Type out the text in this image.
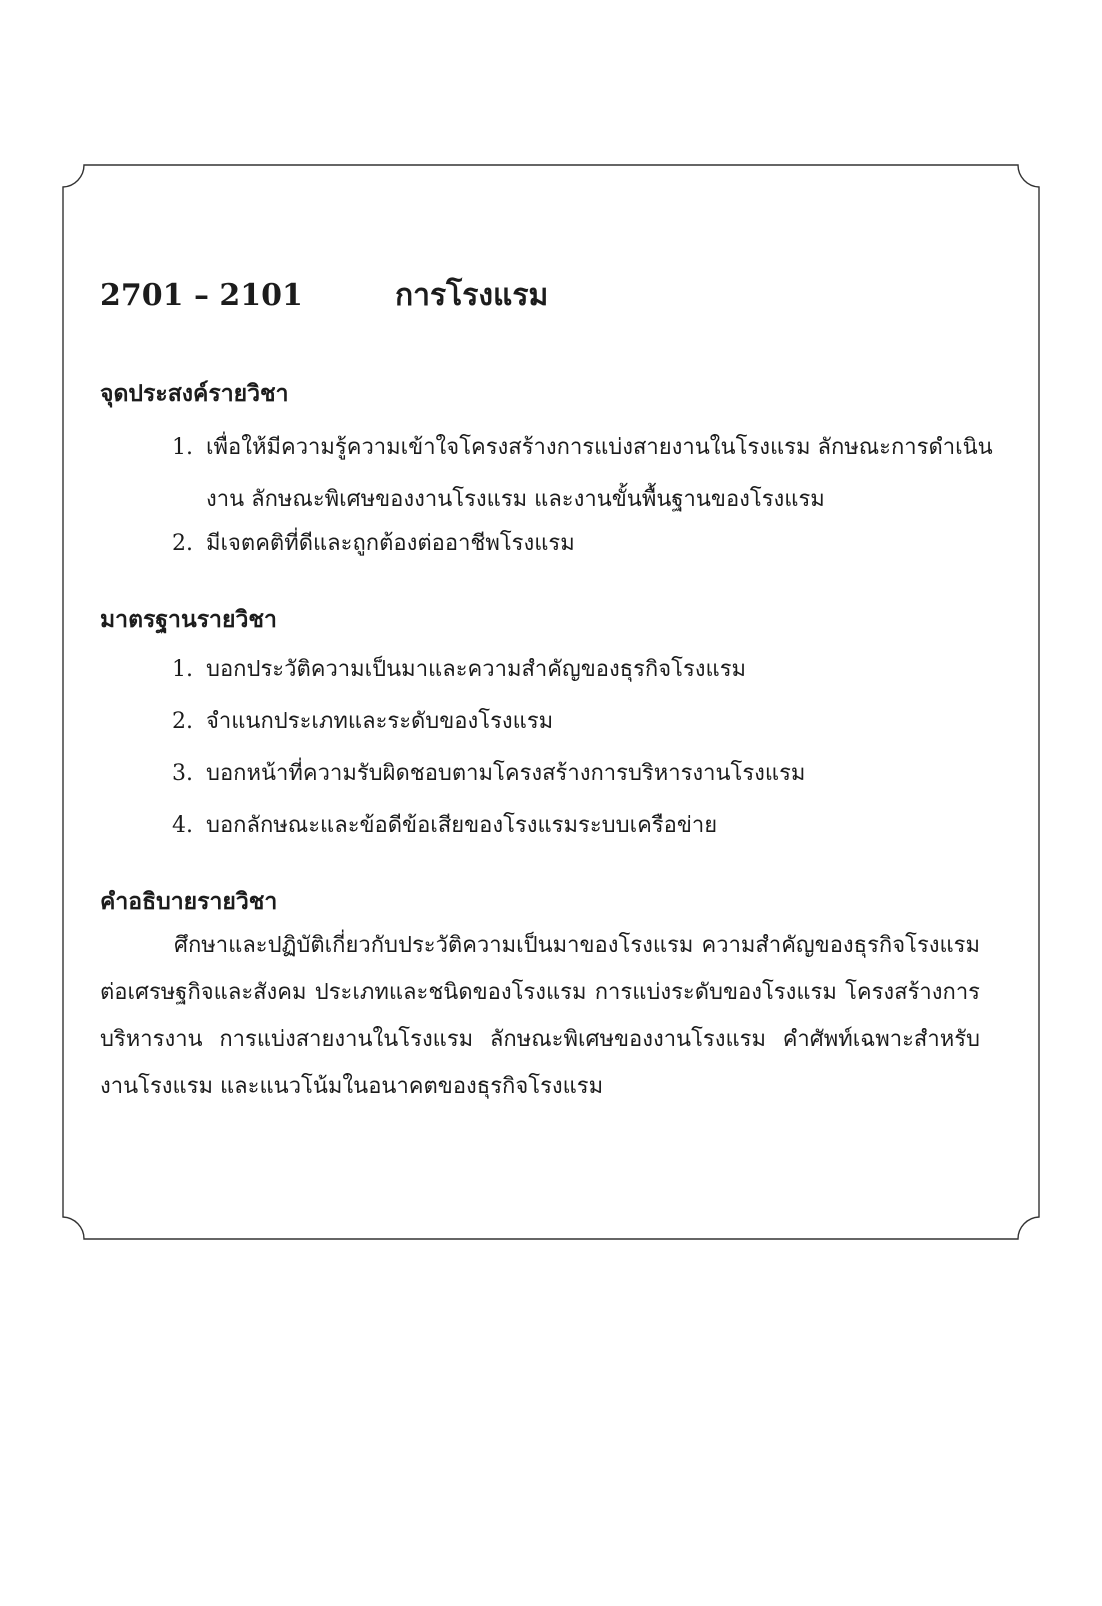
2701 – 2101	การโรงแรม
จุดประสงค์รายวิชา
1. เพื่อให้มีความรู้ความเข้าใจโครงสร้างการแบ่งสายงานในโรงแรม ลักษณะการดำเนินงาน ลักษณะพิเศษของงานโรงแรม และงานขั้นพื้นฐานของโรงแรม
2. มีเจตคติที่ดีและถูกต้องต่ออาชีพโรงแรม
มาตรฐานรายวิชา
1. บอกประวัติความเป็นมาและความสำคัญของธุรกิจโรงแรม
2. จำแนกประเภทและระดับของโรงแรม
3. บอกหน้าที่ความรับผิดชอบตามโครงสร้างการบริหารงานโรงแรม
4. บอกลักษณะและข้อดีข้อเสียของโรงแรมระบบเครือข่าย
คำอธิบายรายวิชา

ศึกษาและปฏิบัติเกี่ยวกับประวัติความเป็นมาของโรงแรม ความสำคัญของธุรกิจโรงแรมต่อเศรษฐกิจและสังคม ประเภทและชนิดของโรงแรม การแบ่งระดับของโรงแรม โครงสร้างการบริหารงาน การแบ่งสายงานในโรงแรม ลักษณะพิเศษของงานโรงแรม คำศัพท์เฉพาะสำหรับงานโรงแรม และแนวโน้มในอนาคตของธุรกิจโรงแรม
